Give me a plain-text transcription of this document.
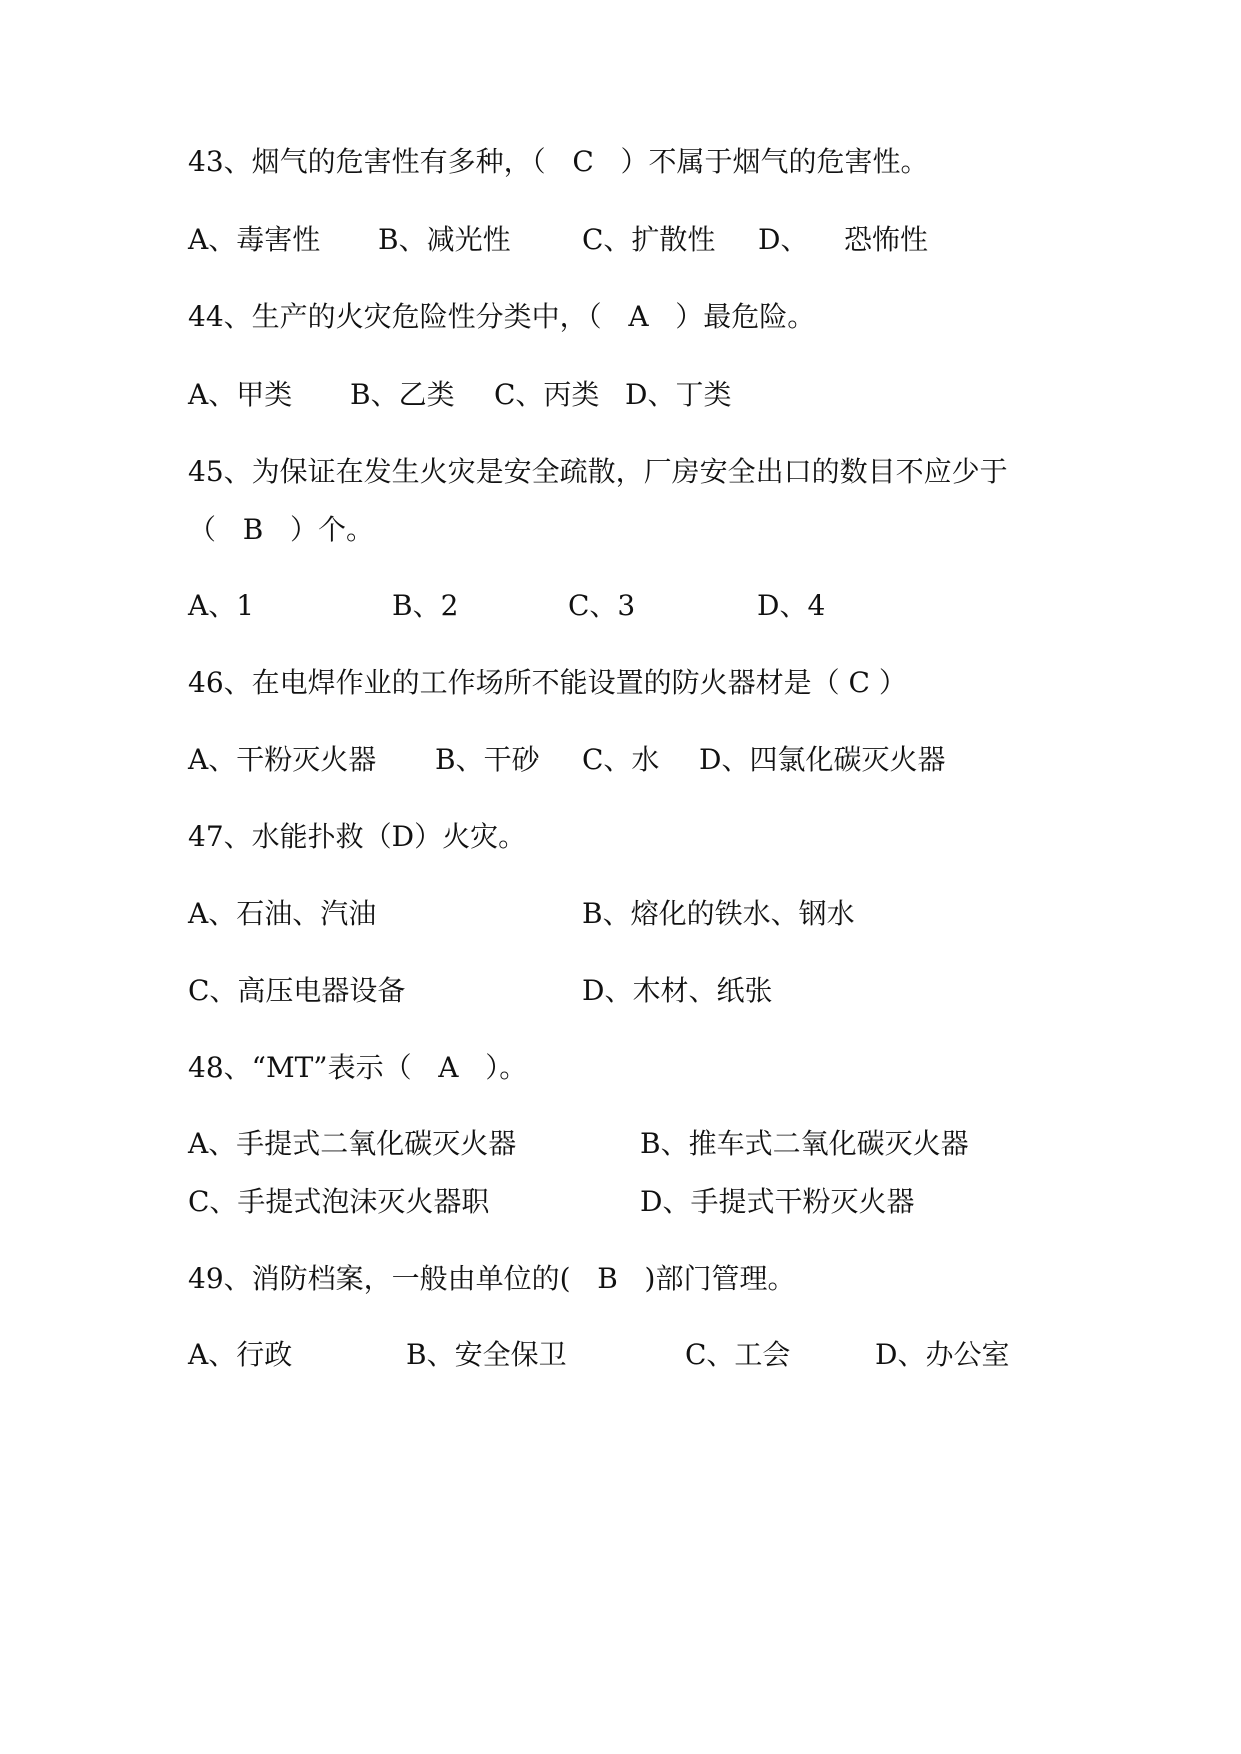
43、烟气的危害性有多种，（   C   ）不属于烟气的危害性。
A、毒害性 B、减光性	C、扩散性 D、    恐怖性
44、生产的火灾危险性分类中，（   A   ）最危险。
A、甲类 B、乙类 C、丙类 D、丁类
45、为保证在发生火灾是安全疏散，厂房安全出口的数目不应少于
（   B   ）个。
A、1	B、2	C、3	D、4
46、在电焊作业的工作场所不能设置的防火器材是（ C ）
A、干粉灭火器 B、干砂 C、水 D、四氯化碳灭火器
47、水能扑救（D）火灾。
A、石油、汽油	B、熔化的铁水、钢水
C、高压电器设备	D、木材、纸张
48、“MT”表示（   A   ）。
A、手提式二氧化碳灭火器	B、推车式二氧化碳灭火器
C、手提式泡沫灭火器职	D、手提式干粉灭火器
49、消防档案，一般由单位的(   B   )部门管理。
A、行政	B、安全保卫	C、工会	D、办公室
